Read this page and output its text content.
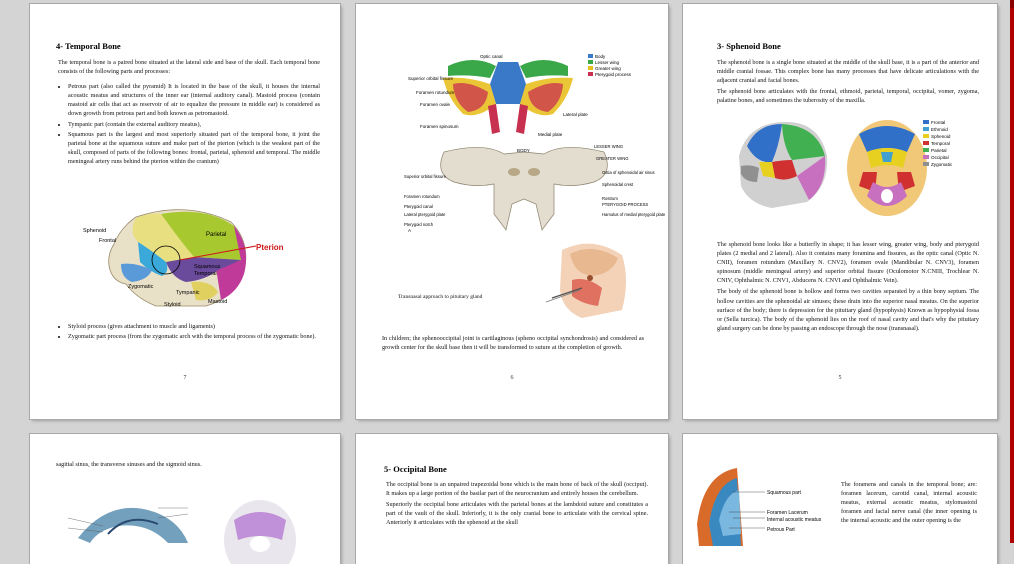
4- Temporal Bone

The temporal bone is a paired bone situated at the lateral side and base of the skull. Each temporal bone consists of the following parts and processes:

• Petrous part (also called the pyramid) It is located in the base of the skull, it houses the internal acoustic meatus and structures of the inner ear (internal auditory canal). Mastoid process (contain mastoid air cells that act as reservoir of air to equalize the pressure in middle ear) is considered as down growth from petrous part and both known as petromastoid.
• Tympanic part (contain the external auditory meatus),
• Squamous part is the largest and most superiorly situated part of the temporal bone, it joint the parietal bone at the squamous suture and make part of the pterion (which is the weakest part of the skull, composed of parts of the following bones: frontal, parietal, sphenoid and temporal. The middle meningeal artery runs behind the pterion within the cranium)
Sphenoid
Frontal
Parietal
Pterion
Squamous
Temporal
Zygomatic
Tympanic
Styloid	Mastoid
• Styloid process (gives attachment to muscle and ligaments)
• Zygomatic part process (from the zygomatic arch with the temporal process of the zygomatic bone).
7
Optic canal
Superior orbital fissure
Foramen rotundum
Foramen ovale
Foramen spinosum
Lateral plate
Medial plate
Body
Lesser wing
Greater wing
Pterygoid process
BODY
Superior orbital fissure
Foramen rotundum
Pterygoid canal
Lateral pterygoid plate
Pterygoid notch
LESSER WING
GREATER WING
Ostia of sphenoidal air sinus
Sphenoidal crest
Rostrum
PTERYGOID PROCESS
Hamulus of medial pterygoid plate
A
Transnasal approach to pituitary gland
In children; the sphenooccipital joint is cartilaginous (spheno occipital synchondrosis) and considered as growth center for the skull base then it will be transformed to suture at the completion of growth.
6
3- Sphenoid Bone

The sphenoid bone is a single bone situated at the middle of the skull base, it is a part of the anterior and middle cranial fossae. This complex bone has many processes that have delicate articulations with the adjacent cranial and facial bones.

The sphenoid bone articulates with the frontal, ethmoid, parietal, temporal, occipital, vomer, zygoma, palatine bones, and sometimes the tuberosity of the maxilla.

Frontal
Ethmoid
Sphenoid
Temporal
Parietal
Occipital
Zygomatic

The sphenoid bone looks like a butterfly in shape; it has lesser wing, greater wing, body and pterygoid plates (2 medial and 2 lateral). Also it contains many foramina and fissures, as the optic canal (Optic N. CNII), foramen rotundum (Maxillary N. CNV2), foramen ovale (Mandibular N. CNV3), foramen spinosum (middle meningeal artery) and superior orbital fissure (Oculomotor N.CNIII, Trochlear N. CNIV, Ophthalmic N. CNV1, Abducens N. CNVI and Ophthalmic Vein).

The body of the sphenoid bone is hollow and forms two cavities separated by a thin bony septum. The hollow cavities are the sphenoidal air sinuses; these drain into the superior nasal meatus. On the superior surface of the body; there is depression for the pituitary gland (hypophysis) Known as hypophysial fossa or (Sella turcica). The body of the sphenoid lies on the roof of nasal cavity and that's why the pituitary gland surgery can be done by passing an endoscope through the nose (transnasal).

5
sagittal sinus, the transverse sinuses and the sigmoid sinus.	5- Occipital Bone

The occipital bone is an unpaired trapezoidal bone which is the main bone of back of the skull (occiput). It makes up a large portion of the basilar part of the neurocranium and entirely houses the cerebellum.

Superiorly the occipital bone articulates with the parietal bones at the lambdoid suture and constitutes a part of the vault of the skull. Inferiorly, it is the only cranial bone to articulate with the cervical spine. Anteriorly it articulates with the sphenoid at the skull

Squamous part
Foramen Lacerum
Internal acoustic meatus
Petrous Part
The foramens and canals in the temporal bone; are: foramen lacerum, carotid canal, internal acoustic meatus, external acoustic meatus, stylomastoid foramen and facial nerve canal (the inner opening is the internal acoustic and the outer opening is the
